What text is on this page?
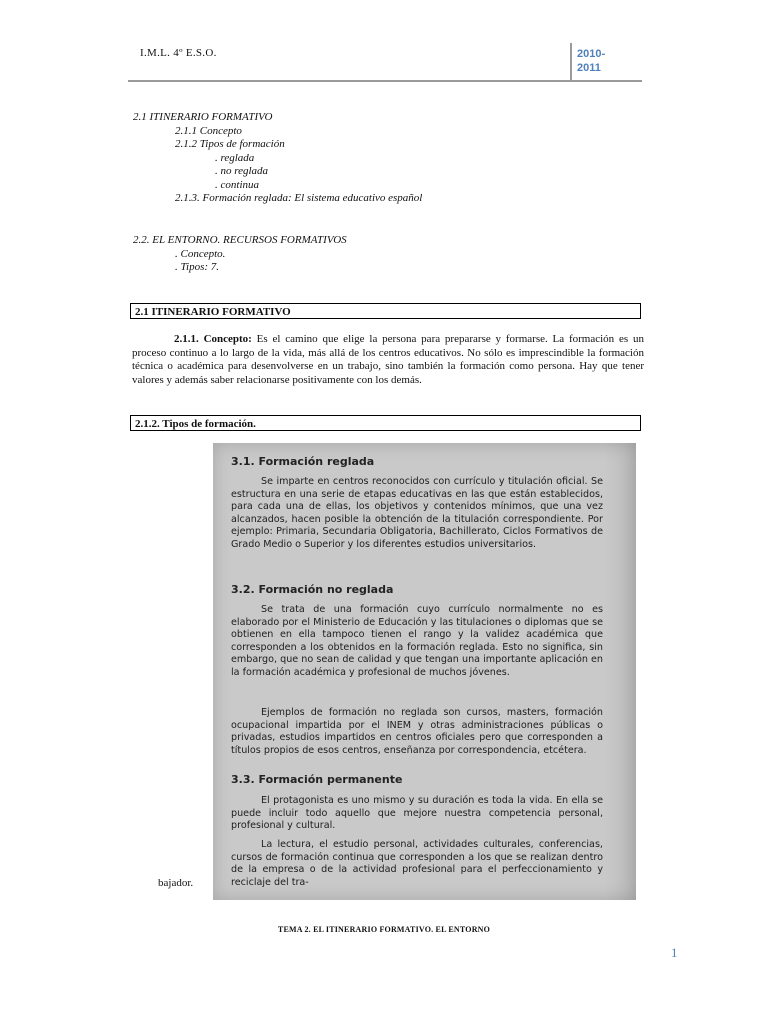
I.M.L. 4º E.S.O.	2010-
2011
2.1 ITINERARIO FORMATIVO
2.1.1 Concepto
2.1.2 Tipos de formación
. reglada
. no reglada
. continua
2.1.3. Formación reglada: El sistema educativo español
2.2. EL ENTORNO. RECURSOS FORMATIVOS
. Concepto.
. Tipos: 7.
2.1 ITINERARIO FORMATIVO
2.1.1. Concepto: Es el camino que elige la persona para prepararse y formarse. La formación es un proceso continuo a lo largo de la vida, más allá de los centros educativos. No sólo es imprescindible la formación técnica o académica para desenvolverse en un trabajo, sino también la formación como persona. Hay que tener valores y además saber relacionarse positivamente con los demás.
2.1.2. Tipos de formación.
3.1. Formación reglada
Se imparte en centros reconocidos con currículo y titulación oficial. Se estructura en una serie de etapas educativas en las que están establecidos, para cada una de ellas, los objetivos y contenidos mínimos, que una vez alcanzados, hacen posible la obtención de la titulación correspondiente. Por ejemplo: Primaria, Secundaria Obligatoria, Bachillerato, Ciclos Formativos de Grado Medio o Superior y los diferentes estudios universitarios.
3.2. Formación no reglada
Se trata de una formación cuyo currículo normalmente no es elaborado por el Ministerio de Educación y las titulaciones o diplomas que se obtienen en ella tampoco tienen el rango y la validez académica que corresponden a los obtenidos en la formación reglada. Esto no significa, sin embargo, que no sean de calidad y que tengan una importante aplicación en la formación académica y profesional de muchos jóvenes.
Ejemplos de formación no reglada son cursos, masters, formación ocupacional impartida por el INEM y otras administraciones públicas o privadas, estudios impartidos en centros oficiales pero que corresponden a títulos propios de esos centros, enseñanza por correspondencia, etcétera.
3.3. Formación permanente
El protagonista es uno mismo y su duración es toda la vida. En ella se puede incluir todo aquello que mejore nuestra competencia personal, profesional y cultural.
La lectura, el estudio personal, actividades culturales, conferencias, cursos de formación continua que corresponden a los que se realizan dentro de la empresa o de la actividad profesional para el perfeccionamiento y reciclaje del tra-
bajador.
TEMA 2. EL ITINERARIO FORMATIVO. EL ENTORNO
1
